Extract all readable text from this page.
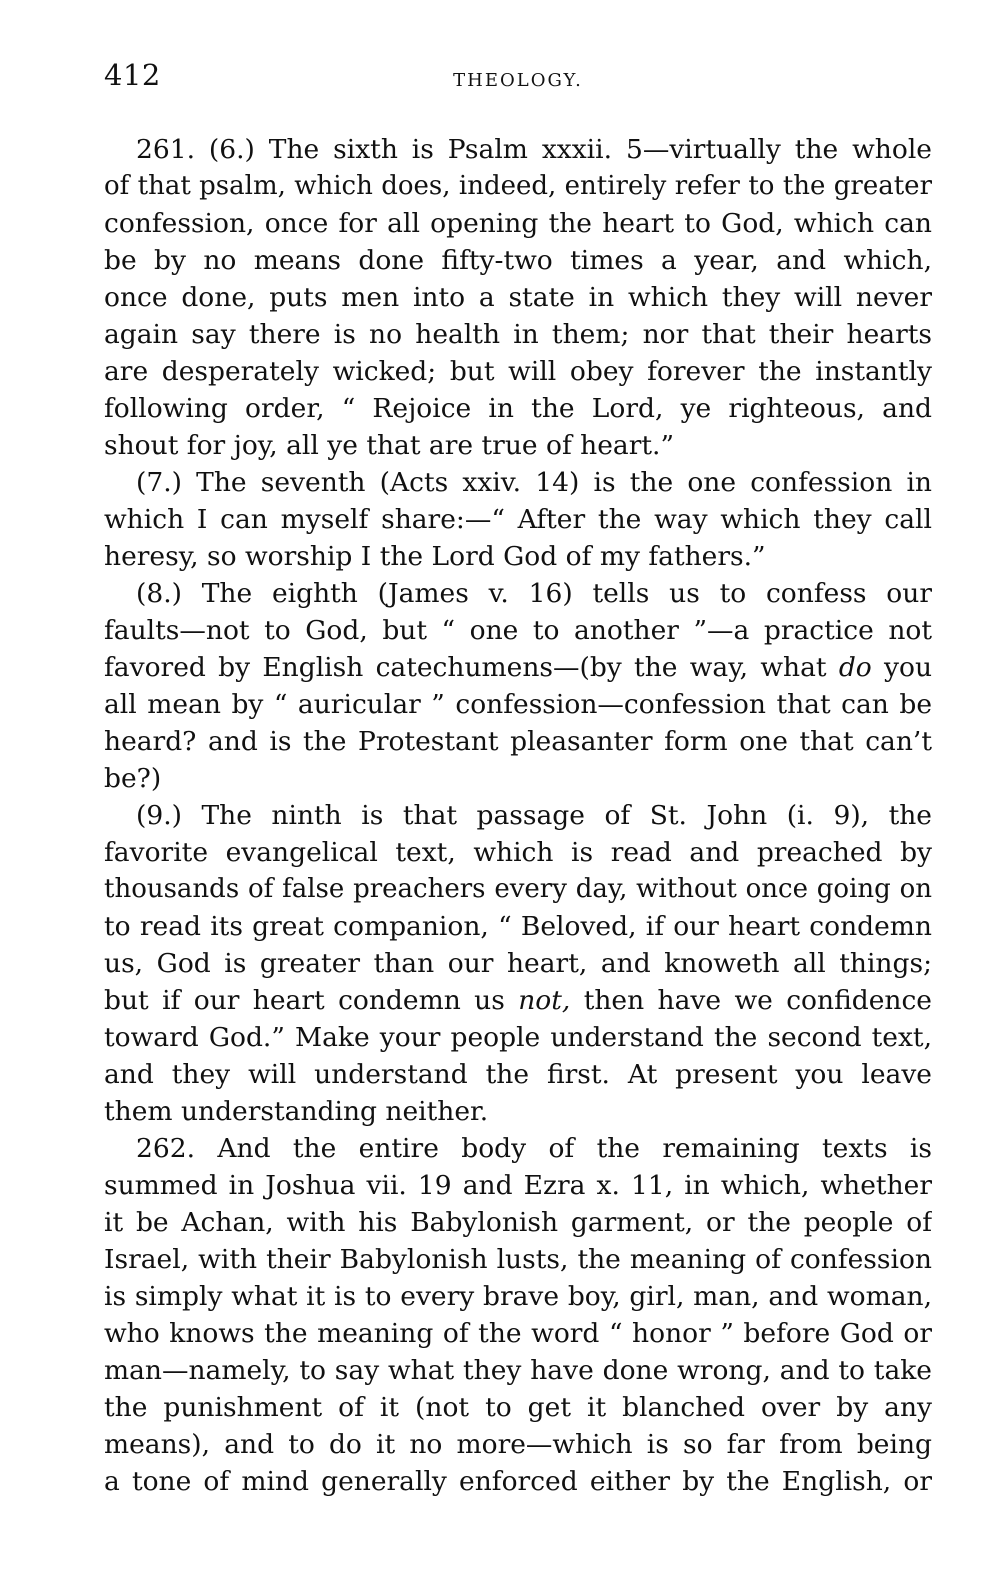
412	THEOLOGY.
261. (6.) The sixth is Psalm xxxii. 5—virtually the whole
of that psalm, which does, indeed, entirely refer to the greater
confession, once for all opening the heart to God, which can
be by no means done fifty-two times a year, and which,
once done, puts men into a state in which they will never
again say there is no health in them; nor that their hearts
are desperately wicked; but will obey forever the instantly
following order, “ Rejoice in the Lord, ye righteous, and
shout for joy, all ye that are true of heart.”
(7.) The seventh (Acts xxiv. 14) is the one confession in
which I can myself share:—“ After the way which they call
heresy, so worship I the Lord God of my fathers.”
(8.) The eighth (James v. 16) tells us to confess our
faults—not to God, but “ one to another ”—a practice not
favored by English catechumens—(by the way, what do you
all mean by “ auricular ” confession—confession that can be
heard? and is the Protestant pleasanter form one that can’t
be?)
(9.) The ninth is that passage of St. John (i. 9), the
favorite evangelical text, which is read and preached by
thousands of false preachers every day, without once going on
to read its great companion, “ Beloved, if our heart condemn
us, God is greater than our heart, and knoweth all things;
but if our heart condemn us not, then have we confidence
toward God.” Make your people understand the second text,
and they will understand the first. At present you leave
them understanding neither.
262. And the entire body of the remaining texts is
summed in Joshua vii. 19 and Ezra x. 11, in which, whether
it be Achan, with his Babylonish garment, or the people of
Israel, with their Babylonish lusts, the meaning of confession
is simply what it is to every brave boy, girl, man, and woman,
who knows the meaning of the word “ honor ” before God or
man—namely, to say what they have done wrong, and to take
the punishment of it (not to get it blanched over by any
means), and to do it no more—which is so far from being
a tone of mind generally enforced either by the English, or
